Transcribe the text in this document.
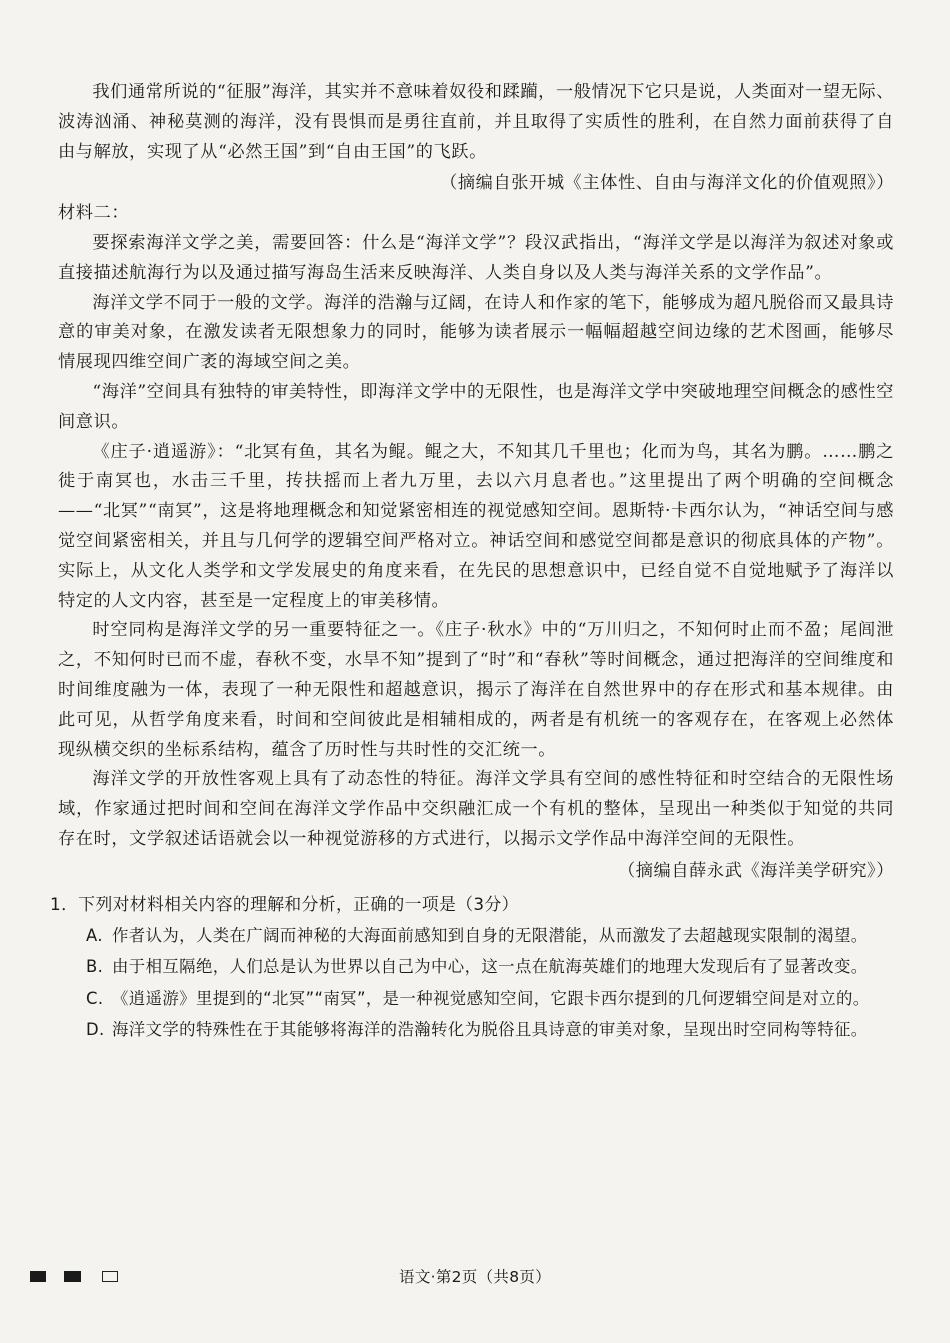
我们通常所说的“征服”海洋，其实并不意味着奴役和蹂躏，一般情况下它只是说，人类面对一望无际、波涛汹涌、神秘莫测的海洋，没有畏惧而是勇往直前，并且取得了实质性的胜利，在自然力面前获得了自由与解放，实现了从“必然王国”到“自由王国”的飞跃。

（摘编自张开城《主体性、自由与海洋文化的价值观照》）

材料二：

要探索海洋文学之美，需要回答：什么是“海洋文学”？段汉武指出，“海洋文学是以海洋为叙述对象或直接描述航海行为以及通过描写海岛生活来反映海洋、人类自身以及人类与海洋关系的文学作品”。

海洋文学不同于一般的文学。海洋的浩瀚与辽阔，在诗人和作家的笔下，能够成为超凡脱俗而又最具诗意的审美对象，在激发读者无限想象力的同时，能够为读者展示一幅幅超越空间边缘的艺术图画，能够尽情展现四维空间广袤的海域空间之美。

“海洋”空间具有独特的审美特性，即海洋文学中的无限性，也是海洋文学中突破地理空间概念的感性空间意识。

《庄子·逍遥游》：“北冥有鱼，其名为鲲。鲲之大，不知其几千里也；化而为鸟，其名为鹏。……鹏之徙于南冥也，水击三千里，抟扶摇而上者九万里，去以六月息者也。”这里提出了两个明确的空间概念——“北冥”“南冥”，这是将地理概念和知觉紧密相连的视觉感知空间。恩斯特·卡西尔认为，“神话空间与感觉空间紧密相关，并且与几何学的逻辑空间严格对立。神话空间和感觉空间都是意识的彻底具体的产物”。实际上，从文化人类学和文学发展史的角度来看，在先民的思想意识中，已经自觉不自觉地赋予了海洋以特定的人文内容，甚至是一定程度上的审美移情。

时空同构是海洋文学的另一重要特征之一。《庄子·秋水》中的“万川归之，不知何时止而不盈；尾闾泄之，不知何时已而不虚，春秋不变，水旱不知”提到了“时”和“春秋”等时间概念，通过把海洋的空间维度和时间维度融为一体，表现了一种无限性和超越意识，揭示了海洋在自然世界中的存在形式和基本规律。由此可见，从哲学角度来看，时间和空间彼此是相辅相成的，两者是有机统一的客观存在，在客观上必然体现纵横交织的坐标系结构，蕴含了历时性与共时性的交汇统一。

海洋文学的开放性客观上具有了动态性的特征。海洋文学具有空间的感性特征和时空结合的无限性场域，作家通过把时间和空间在海洋文学作品中交织融汇成一个有机的整体，呈现出一种类似于知觉的共同存在时，文学叙述话语就会以一种视觉游移的方式进行，以揭示文学作品中海洋空间的无限性。

（摘编自薛永武《海洋美学研究》）

1．下列对材料相关内容的理解和分析，正确的一项是（3分）

A. 作者认为，人类在广阔而神秘的大海面前感知到自身的无限潜能，从而激发了去超越现实限制的渴望。

B. 由于相互隔绝，人们总是认为世界以自己为中心，这一点在航海英雄们的地理大发现后有了显著改变。

C. 《逍遥游》里提到的“北冥”“南冥”，是一种视觉感知空间，它跟卡西尔提到的几何逻辑空间是对立的。

D. 海洋文学的特殊性在于其能够将海洋的浩瀚转化为脱俗且具诗意的审美对象，呈现出时空同构等特征。

语文·第2页（共8页）
